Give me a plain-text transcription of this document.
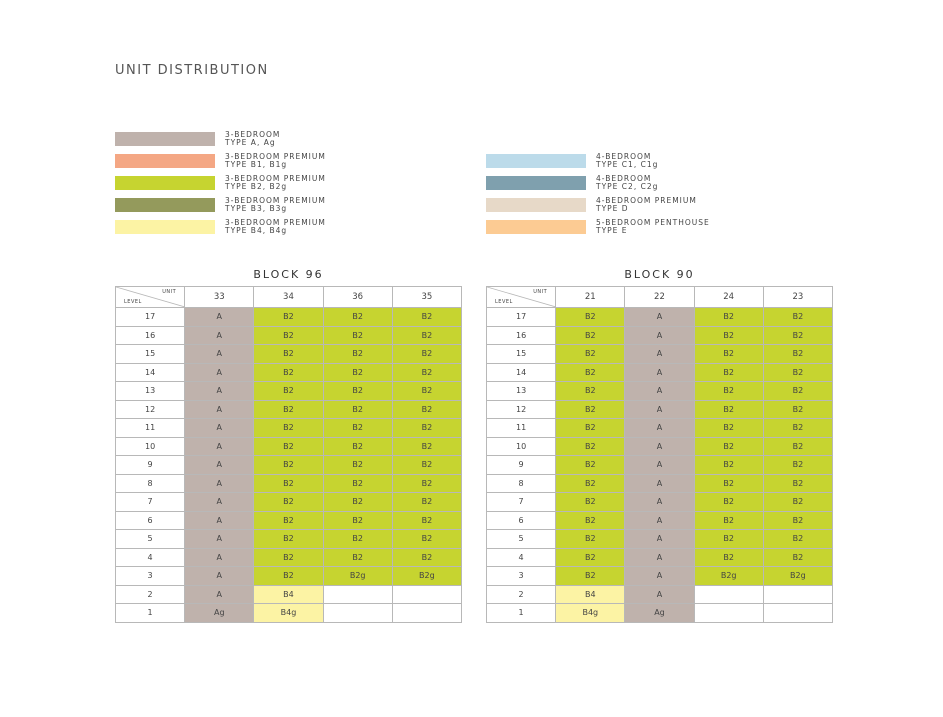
UNIT DISTRIBUTION
3-BEDROOM
TYPE A, Ag
3-BEDROOM PREMIUM
TYPE B1, B1g
3-BEDROOM PREMIUM
TYPE B2, B2g
3-BEDROOM PREMIUM
TYPE B3, B3g
3-BEDROOM PREMIUM
TYPE B4, B4g
4-BEDROOM
TYPE C1, C1g
4-BEDROOM
TYPE C2, C2g
4-BEDROOM PREMIUM
TYPE D
5-BEDROOM PENTHOUSE
TYPE E
BLOCK 96
UNIT
LEVEL	33	34	36	35
17	A	B2	B2	B2
16	A	B2	B2	B2
15	A	B2	B2	B2
14	A	B2	B2	B2
13	A	B2	B2	B2
12	A	B2	B2	B2
11	A	B2	B2	B2
10	A	B2	B2	B2
9	A	B2	B2	B2
8	A	B2	B2	B2
7	A	B2	B2	B2
6	A	B2	B2	B2
5	A	B2	B2	B2
4	A	B2	B2	B2
3	A	B2	B2g	B2g
2	A	B4		
1	Ag	B4g		
BLOCK 90
UNIT
LEVEL	21	22	24	23
17	B2	A	B2	B2
16	B2	A	B2	B2
15	B2	A	B2	B2
14	B2	A	B2	B2
13	B2	A	B2	B2
12	B2	A	B2	B2
11	B2	A	B2	B2
10	B2	A	B2	B2
9	B2	A	B2	B2
8	B2	A	B2	B2
7	B2	A	B2	B2
6	B2	A	B2	B2
5	B2	A	B2	B2
4	B2	A	B2	B2
3	B2	A	B2g	B2g
2	B4	A		
1	B4g	Ag		
